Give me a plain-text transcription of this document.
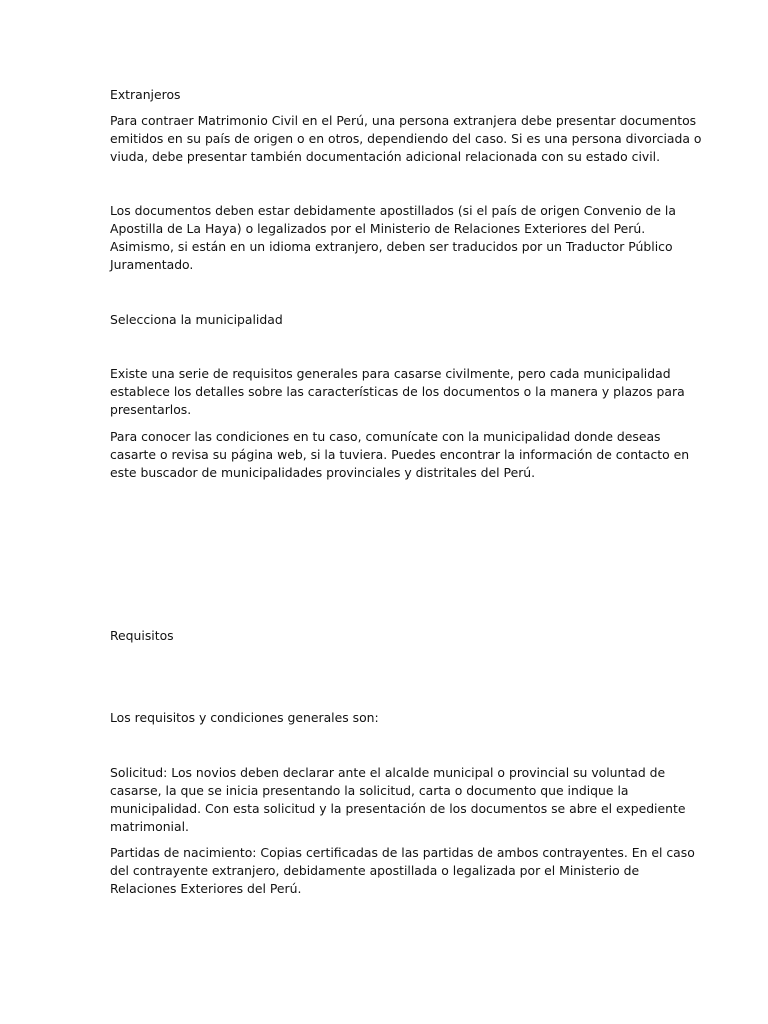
Extranjeros

Para contraer Matrimonio Civil en el Perú, una persona extranjera debe presentar documentos
emitidos en su país de origen o en otros, dependiendo del caso. Si es una persona divorciada o
viuda, debe presentar también documentación adicional relacionada con su estado civil.

Los documentos deben estar debidamente apostillados (si el país de origen Convenio de la
Apostilla de La Haya) o legalizados por el Ministerio de Relaciones Exteriores del Perú.
Asimismo, si están en un idioma extranjero, deben ser traducidos por un Traductor Público
Juramentado.

Selecciona la municipalidad

Existe una serie de requisitos generales para casarse civilmente, pero cada municipalidad
establece los detalles sobre las características de los documentos o la manera y plazos para
presentarlos.

Para conocer las condiciones en tu caso, comunícate con la municipalidad donde deseas
casarte o revisa su página web, si la tuviera. Puedes encontrar la información de contacto en
este buscador de municipalidades provinciales y distritales del Perú.

Requisitos

Los requisitos y condiciones generales son:

Solicitud: Los novios deben declarar ante el alcalde municipal o provincial su voluntad de
casarse, la que se inicia presentando la solicitud, carta o documento que indique la
municipalidad. Con esta solicitud y la presentación de los documentos se abre el expediente
matrimonial.

Partidas de nacimiento: Copias certificadas de las partidas de ambos contrayentes. En el caso
del contrayente extranjero, debidamente apostillada o legalizada por el Ministerio de
Relaciones Exteriores del Perú.
